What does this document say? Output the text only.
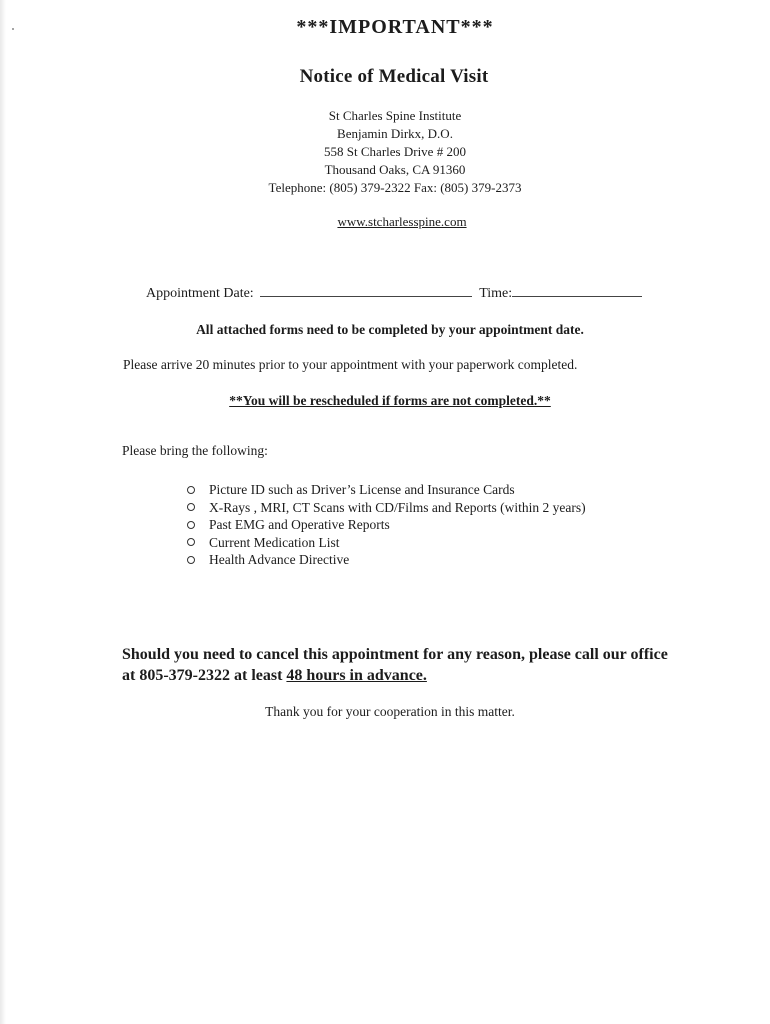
***IMPORTANT***
Notice of Medical Visit
St Charles Spine Institute
Benjamin Dirkx, D.O.
558 St Charles Drive # 200
Thousand Oaks, CA 91360
Telephone: (805) 379-2322 Fax: (805) 379-2373
www.stcharlesspine.com
Appointment Date:	Time:
All attached forms need to be completed by your appointment date.
Please arrive 20 minutes prior to your appointment with your paperwork completed.
**You will be rescheduled if forms are not completed.**
Please bring the following:
Picture ID such as Driver’s License and Insurance Cards
X-Rays , MRI, CT Scans with CD/Films and Reports (within 2 years)
Past EMG and Operative Reports
Current Medication List
Health Advance Directive
Should you need to cancel this appointment for any reason, please call our office at 805-379-2322 at least 48 hours in advance.
Thank you for your cooperation in this matter.
